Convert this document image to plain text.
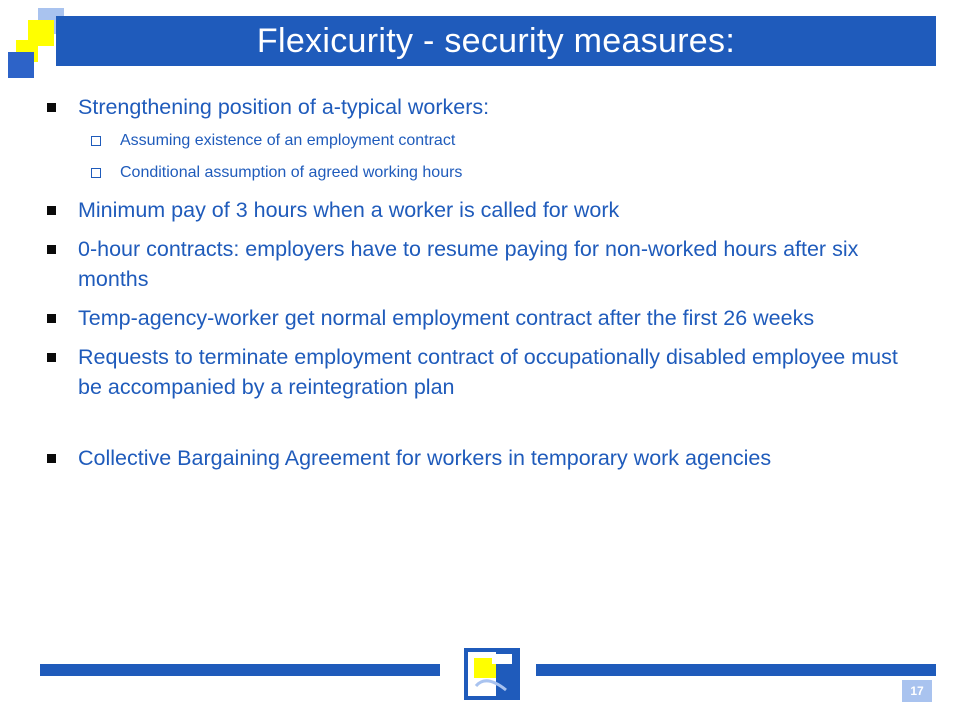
Flexicurity - security measures:
Strengthening position of a-typical workers:
Assuming existence of an employment contract
Conditional assumption of agreed working hours
Minimum pay of 3 hours when a worker is called for work
0-hour contracts: employers have to resume paying for non-worked hours after six months
Temp-agency-worker get normal employment contract after the first 26 weeks
Requests to terminate employment contract of occupationally disabled employee must be accompanied by a reintegration plan
Collective Bargaining Agreement for workers in temporary work agencies
17
